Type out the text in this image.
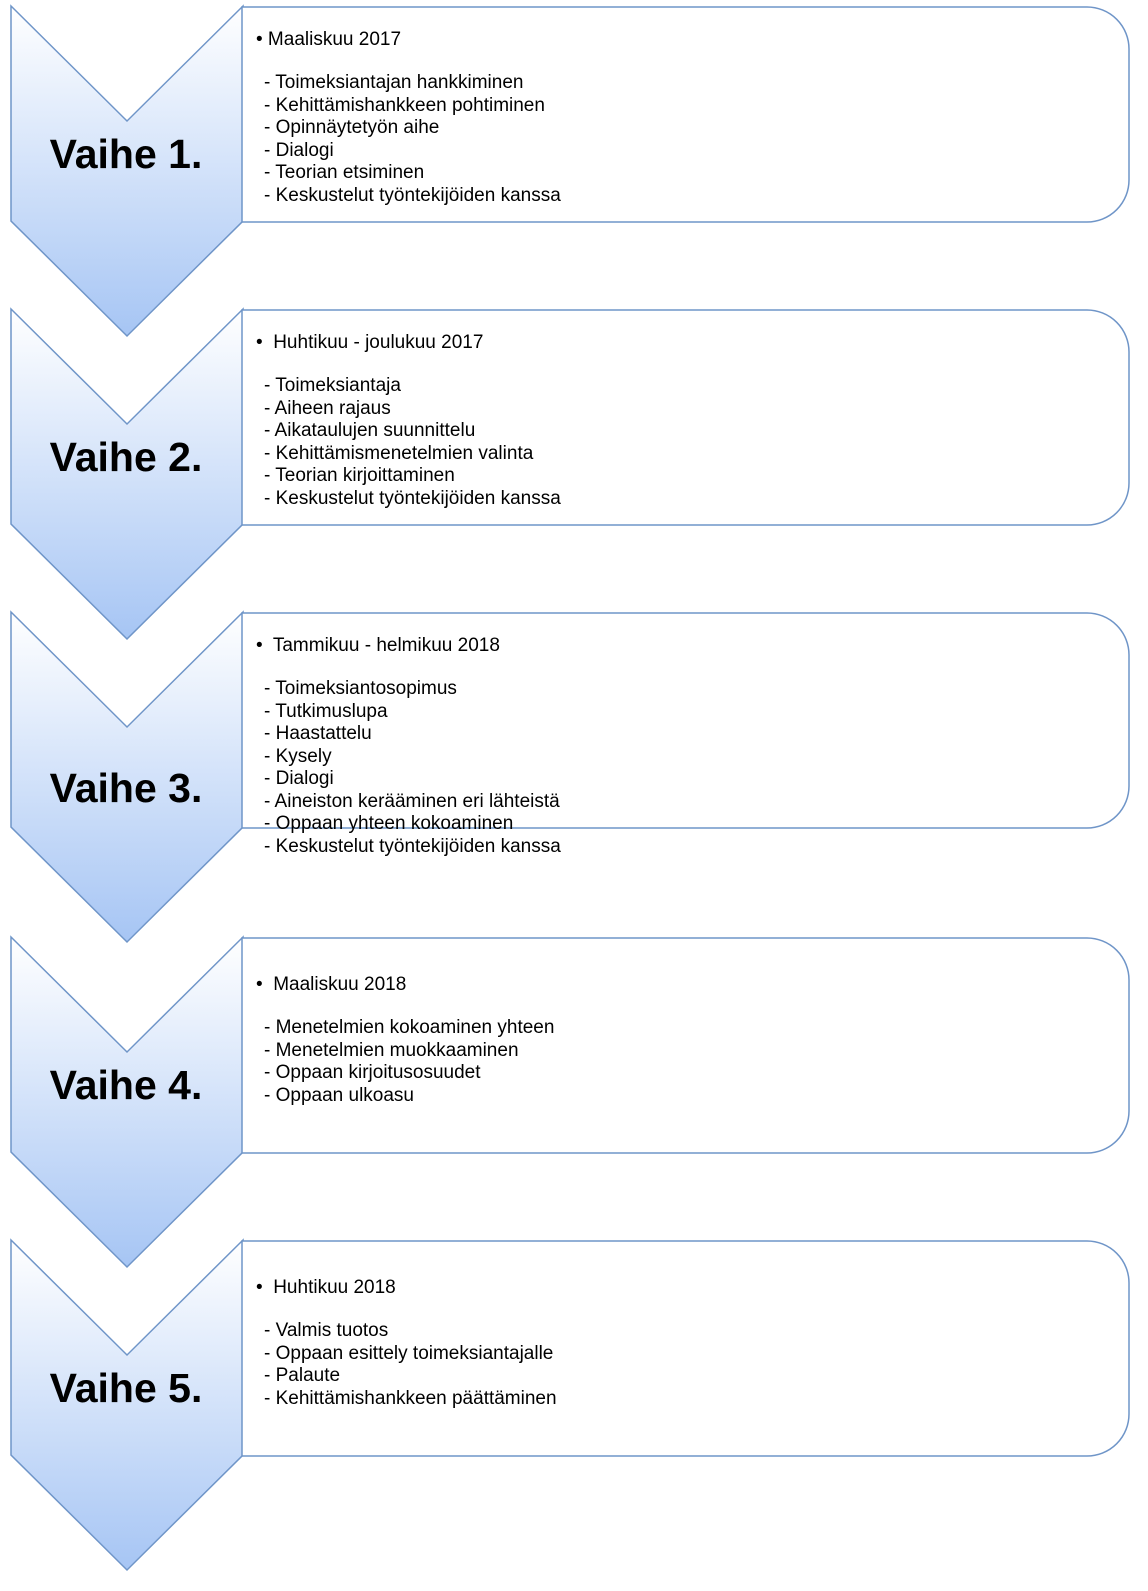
Vaihe 1.
• Maaliskuu 2017
- Toimeksiantajan hankkiminen
- Kehittämishankkeen pohtiminen
- Opinnäytetyön aihe
- Dialogi
- Teorian etsiminen
- Keskustelut työntekijöiden kanssa
Vaihe 2.
•  Huhtikuu - joulukuu 2017
- Toimeksiantaja
- Aiheen rajaus
- Aikataulujen suunnittelu
- Kehittämismenetelmien valinta
- Teorian kirjoittaminen
- Keskustelut työntekijöiden kanssa
Vaihe 3.
•  Tammikuu - helmikuu 2018
- Toimeksiantosopimus
- Tutkimuslupa
- Haastattelu
- Kysely
- Dialogi
- Aineiston kerääminen eri lähteistä
- Oppaan yhteen kokoaminen
- Keskustelut työntekijöiden kanssa
Vaihe 4.
•  Maaliskuu 2018
- Menetelmien kokoaminen yhteen
- Menetelmien muokkaaminen
- Oppaan kirjoitusosuudet
- Oppaan ulkoasu
Vaihe 5.
•  Huhtikuu 2018
- Valmis tuotos
- Oppaan esittely toimeksiantajalle
- Palaute
- Kehittämishankkeen päättäminen
